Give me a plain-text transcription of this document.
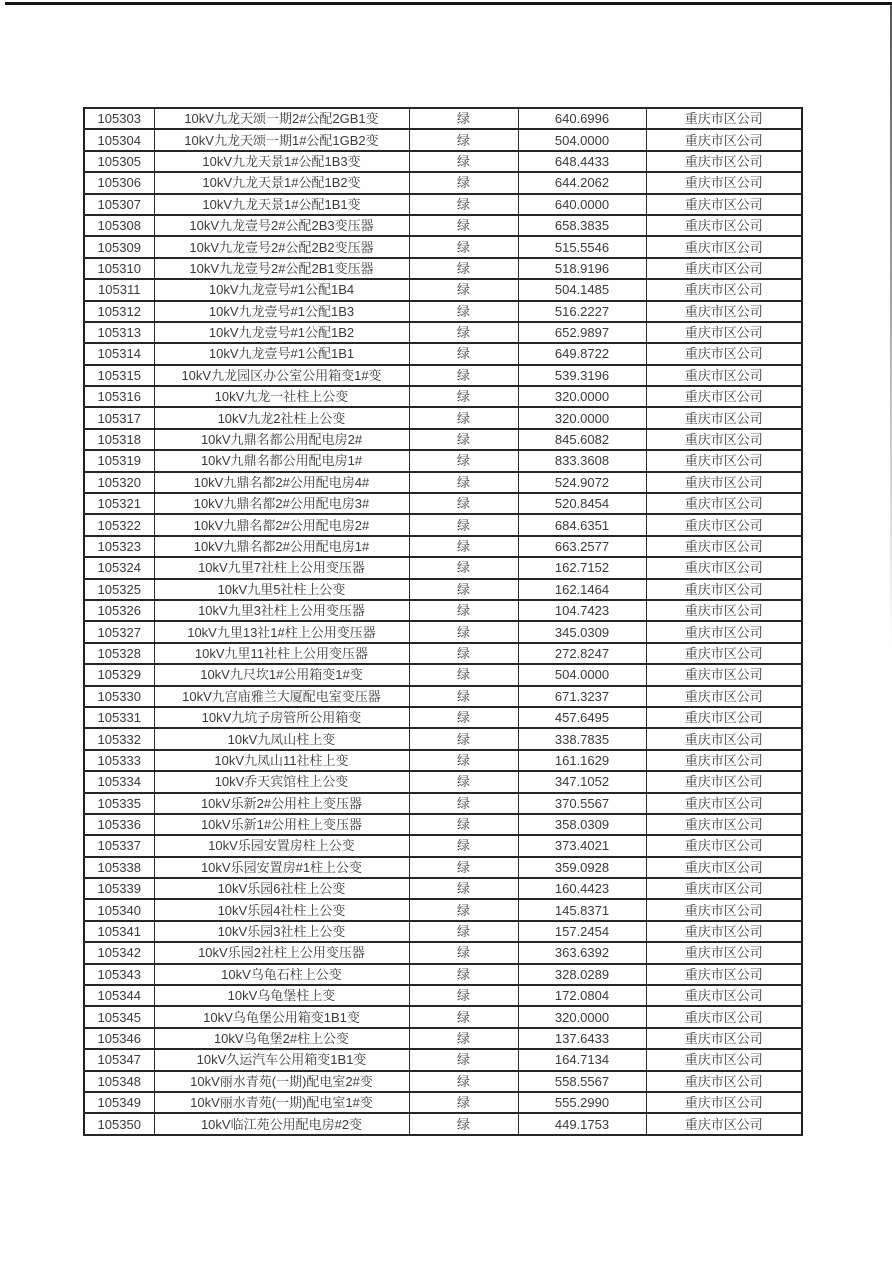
105303	10kV九龙天颂一期2#公配2GB1变	绿	640.6996	重庆市区公司
105304	10kV九龙天颂一期1#公配1GB2变	绿	504.0000	重庆市区公司
105305	10kV九龙天景1#公配1B3变	绿	648.4433	重庆市区公司
105306	10kV九龙天景1#公配1B2变	绿	644.2062	重庆市区公司
105307	10kV九龙天景1#公配1B1变	绿	640.0000	重庆市区公司
105308	10kV九龙壹号2#公配2B3变压器	绿	658.3835	重庆市区公司
105309	10kV九龙壹号2#公配2B2变压器	绿	515.5546	重庆市区公司
105310	10kV九龙壹号2#公配2B1变压器	绿	518.9196	重庆市区公司
105311	10kV九龙壹号#1公配1B4	绿	504.1485	重庆市区公司
105312	10kV九龙壹号#1公配1B3	绿	516.2227	重庆市区公司
105313	10kV九龙壹号#1公配1B2	绿	652.9897	重庆市区公司
105314	10kV九龙壹号#1公配1B1	绿	649.8722	重庆市区公司
105315	10kV九龙园区办公室公用箱变1#变	绿	539.3196	重庆市区公司
105316	10kV九龙一社柱上公变	绿	320.0000	重庆市区公司
105317	10kV九龙2社柱上公变	绿	320.0000	重庆市区公司
105318	10kV九鼎名都公用配电房2#	绿	845.6082	重庆市区公司
105319	10kV九鼎名都公用配电房1#	绿	833.3608	重庆市区公司
105320	10kV九鼎名都2#公用配电房4#	绿	524.9072	重庆市区公司
105321	10kV九鼎名都2#公用配电房3#	绿	520.8454	重庆市区公司
105322	10kV九鼎名都2#公用配电房2#	绿	684.6351	重庆市区公司
105323	10kV九鼎名都2#公用配电房1#	绿	663.2577	重庆市区公司
105324	10kV九里7社柱上公用变压器	绿	162.7152	重庆市区公司
105325	10kV九里5社柱上公变	绿	162.1464	重庆市区公司
105326	10kV九里3社柱上公用变压器	绿	104.7423	重庆市区公司
105327	10kV九里13社1#柱上公用变压器	绿	345.0309	重庆市区公司
105328	10kV九里11社柱上公用变压器	绿	272.8247	重庆市区公司
105329	10kV九尺坎1#公用箱变1#变	绿	504.0000	重庆市区公司
105330	10kV九宫庙雅兰大厦配电室变压器	绿	671.3237	重庆市区公司
105331	10kV九坑子房管所公用箱变	绿	457.6495	重庆市区公司
105332	10kV九凤山柱上变	绿	338.7835	重庆市区公司
105333	10kV九凤山11社柱上变	绿	161.1629	重庆市区公司
105334	10kV乔天宾馆柱上公变	绿	347.1052	重庆市区公司
105335	10kV乐新2#公用柱上变压器	绿	370.5567	重庆市区公司
105336	10kV乐新1#公用柱上变压器	绿	358.0309	重庆市区公司
105337	10kV乐园安置房柱上公变	绿	373.4021	重庆市区公司
105338	10kV乐园安置房#1柱上公变	绿	359.0928	重庆市区公司
105339	10kV乐园6社柱上公变	绿	160.4423	重庆市区公司
105340	10kV乐园4社柱上公变	绿	145.8371	重庆市区公司
105341	10kV乐园3社柱上公变	绿	157.2454	重庆市区公司
105342	10kV乐园2社柱上公用变压器	绿	363.6392	重庆市区公司
105343	10kV乌龟石柱上公变	绿	328.0289	重庆市区公司
105344	10kV乌龟堡柱上变	绿	172.0804	重庆市区公司
105345	10kV乌龟堡公用箱变1B1变	绿	320.0000	重庆市区公司
105346	10kV乌龟堡2#柱上公变	绿	137.6433	重庆市区公司
105347	10kV久运汽车公用箱变1B1变	绿	164.7134	重庆市区公司
105348	10kV丽水青苑(一期)配电室2#变	绿	558.5567	重庆市区公司
105349	10kV丽水青苑(一期)配电室1#变	绿	555.2990	重庆市区公司
105350	10kV临江苑公用配电房#2变	绿	449.1753	重庆市区公司
